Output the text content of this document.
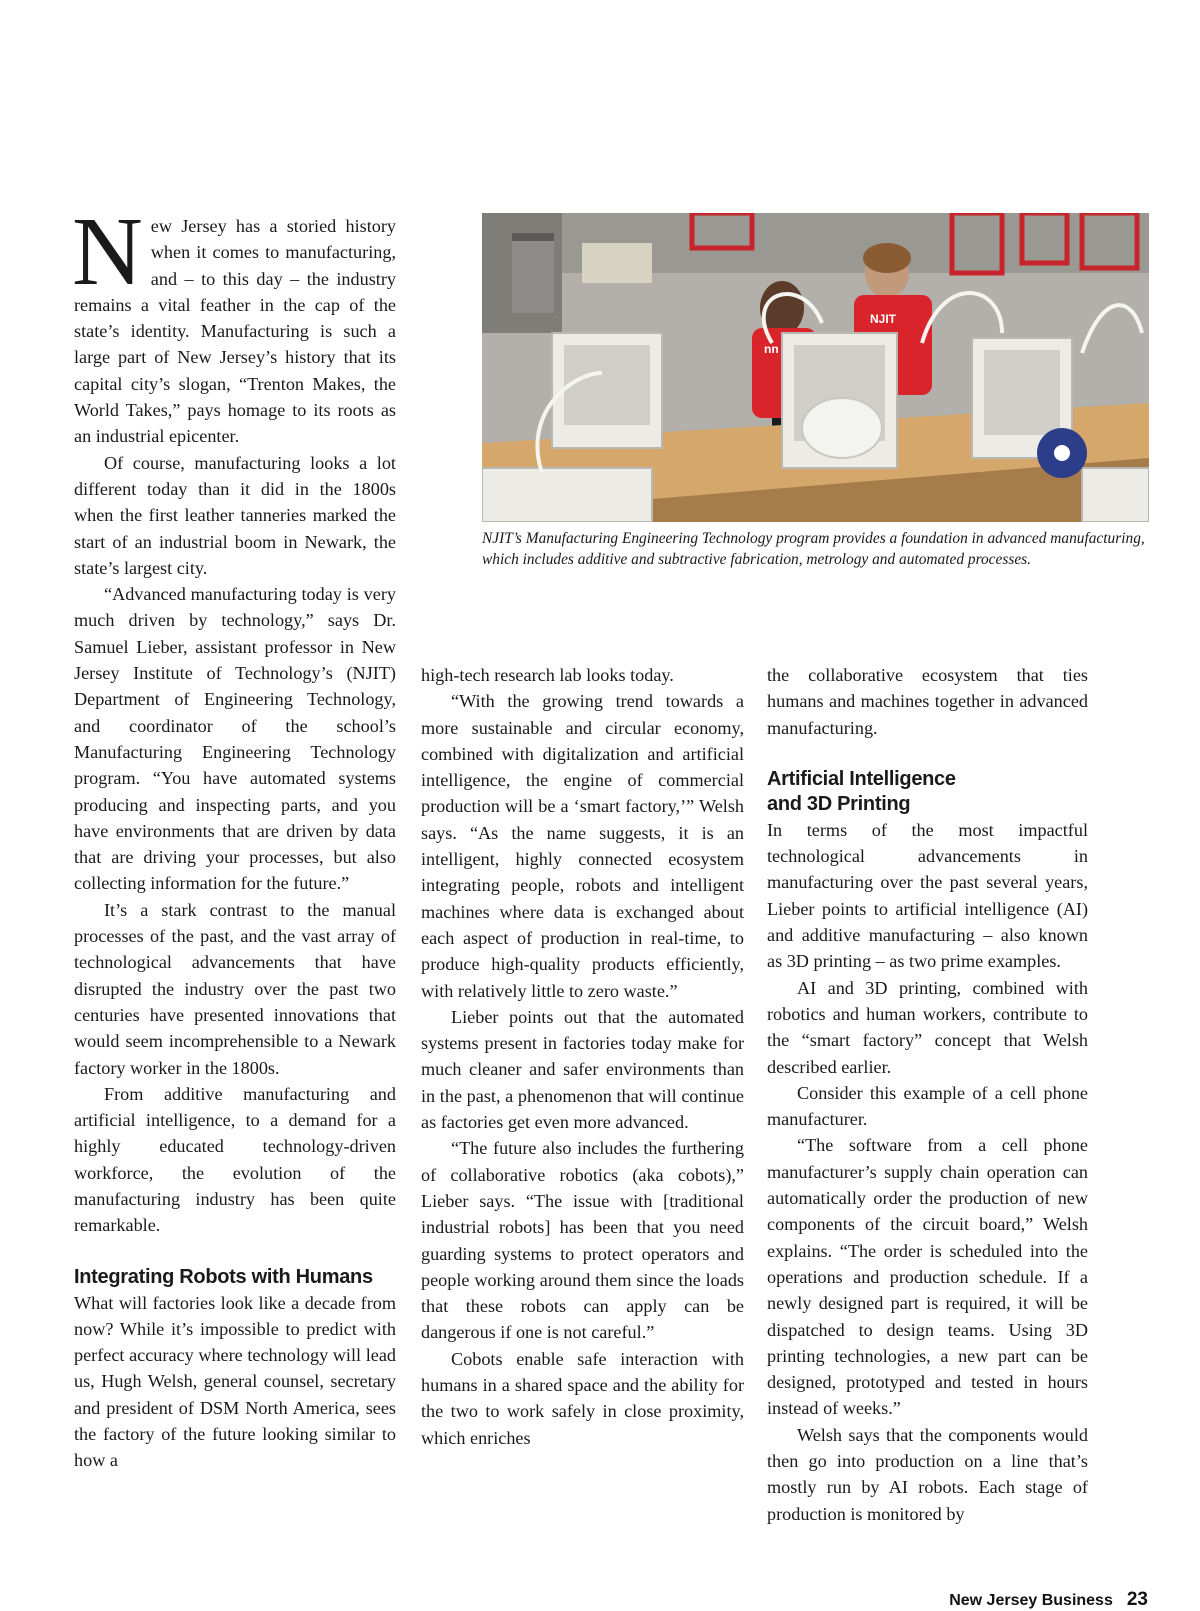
New Jersey has a storied history when it comes to manufacturing, and – to this day – the industry remains a vital feather in the cap of the state’s identity. Manufacturing is such a large part of New Jersey’s history that its capital city’s slogan, “Trenton Makes, the World Takes,” pays homage to its roots as an industrial epicenter.

Of course, manufacturing looks a lot different today than it did in the 1800s when the first leather tanneries marked the start of an industrial boom in Newark, the state’s largest city.

“Advanced manufacturing today is very much driven by technology,” says Dr. Samuel Lieber, assistant professor in New Jersey Institute of Technology’s (NJIT) Department of Engineering Technology, and coordinator of the school’s Manufacturing Engineering Technology program. “You have automated systems producing and inspecting parts, and you have environments that are driven by data that are driving your processes, but also collecting information for the future.”

It’s a stark contrast to the manual processes of the past, and the vast array of technological advancements that have disrupted the industry over the past two centuries have presented innovations that would seem incomprehensible to a Newark factory worker in the 1800s.

From additive manufacturing and artificial intelligence, to a demand for a highly educated technology-driven workforce, the evolution of the manufacturing industry has been quite remarkable.

Integrating Robots with Humans

What will factories look like a decade from now? While it’s impossible to predict with perfect accuracy where technology will lead us, Hugh Welsh, general counsel, secretary and president of DSM North America, sees the factory of the future looking similar to how a

NJIT
nn
NJIT’s Manufacturing Engineering Technology program provides a foundation in advanced manufacturing, which includes additive and subtractive fabrication, metrology and automated processes.

high-tech research lab looks today.

“With the growing trend towards a more sustainable and circular economy, combined with digitalization and artificial intelligence, the engine of commercial production will be a ‘smart factory,’” Welsh says. “As the name suggests, it is an intelligent, highly connected ecosystem integrating people, robots and intelligent machines where data is exchanged about each aspect of production in real-time, to produce high-quality products efficiently, with relatively little to zero waste.”

Lieber points out that the automated systems present in factories today make for much cleaner and safer environments than in the past, a phenomenon that will continue as factories get even more advanced.

“The future also includes the furthering of collaborative robotics (aka cobots),” Lieber says. “The issue with [traditional industrial robots] has been that you need guarding systems to protect operators and people working around them since the loads that these robots can apply can be dangerous if one is not careful.”

Cobots enable safe interaction with humans in a shared space and the ability for the two to work safely in close proximity, which enriches

the collaborative ecosystem that ties humans and machines together in advanced manufacturing.

Artificial Intelligence and 3D Printing

In terms of the most impactful technological advancements in manufacturing over the past several years, Lieber points to artificial intelligence (AI) and additive manufacturing – also known as 3D printing – as two prime examples.

AI and 3D printing, combined with robotics and human workers, contribute to the “smart factory” concept that Welsh described earlier.

Consider this example of a cell phone manufacturer.

“The software from a cell phone manufacturer’s supply chain operation can automatically order the production of new components of the circuit board,” Welsh explains. “The order is scheduled into the operations and production schedule. If a newly designed part is required, it will be dispatched to design teams. Using 3D printing technologies, a new part can be designed, prototyped and tested in hours instead of weeks.”

Welsh says that the components would then go into production on a line that’s mostly run by AI robots. Each stage of production is monitored by

New Jersey Business 23
